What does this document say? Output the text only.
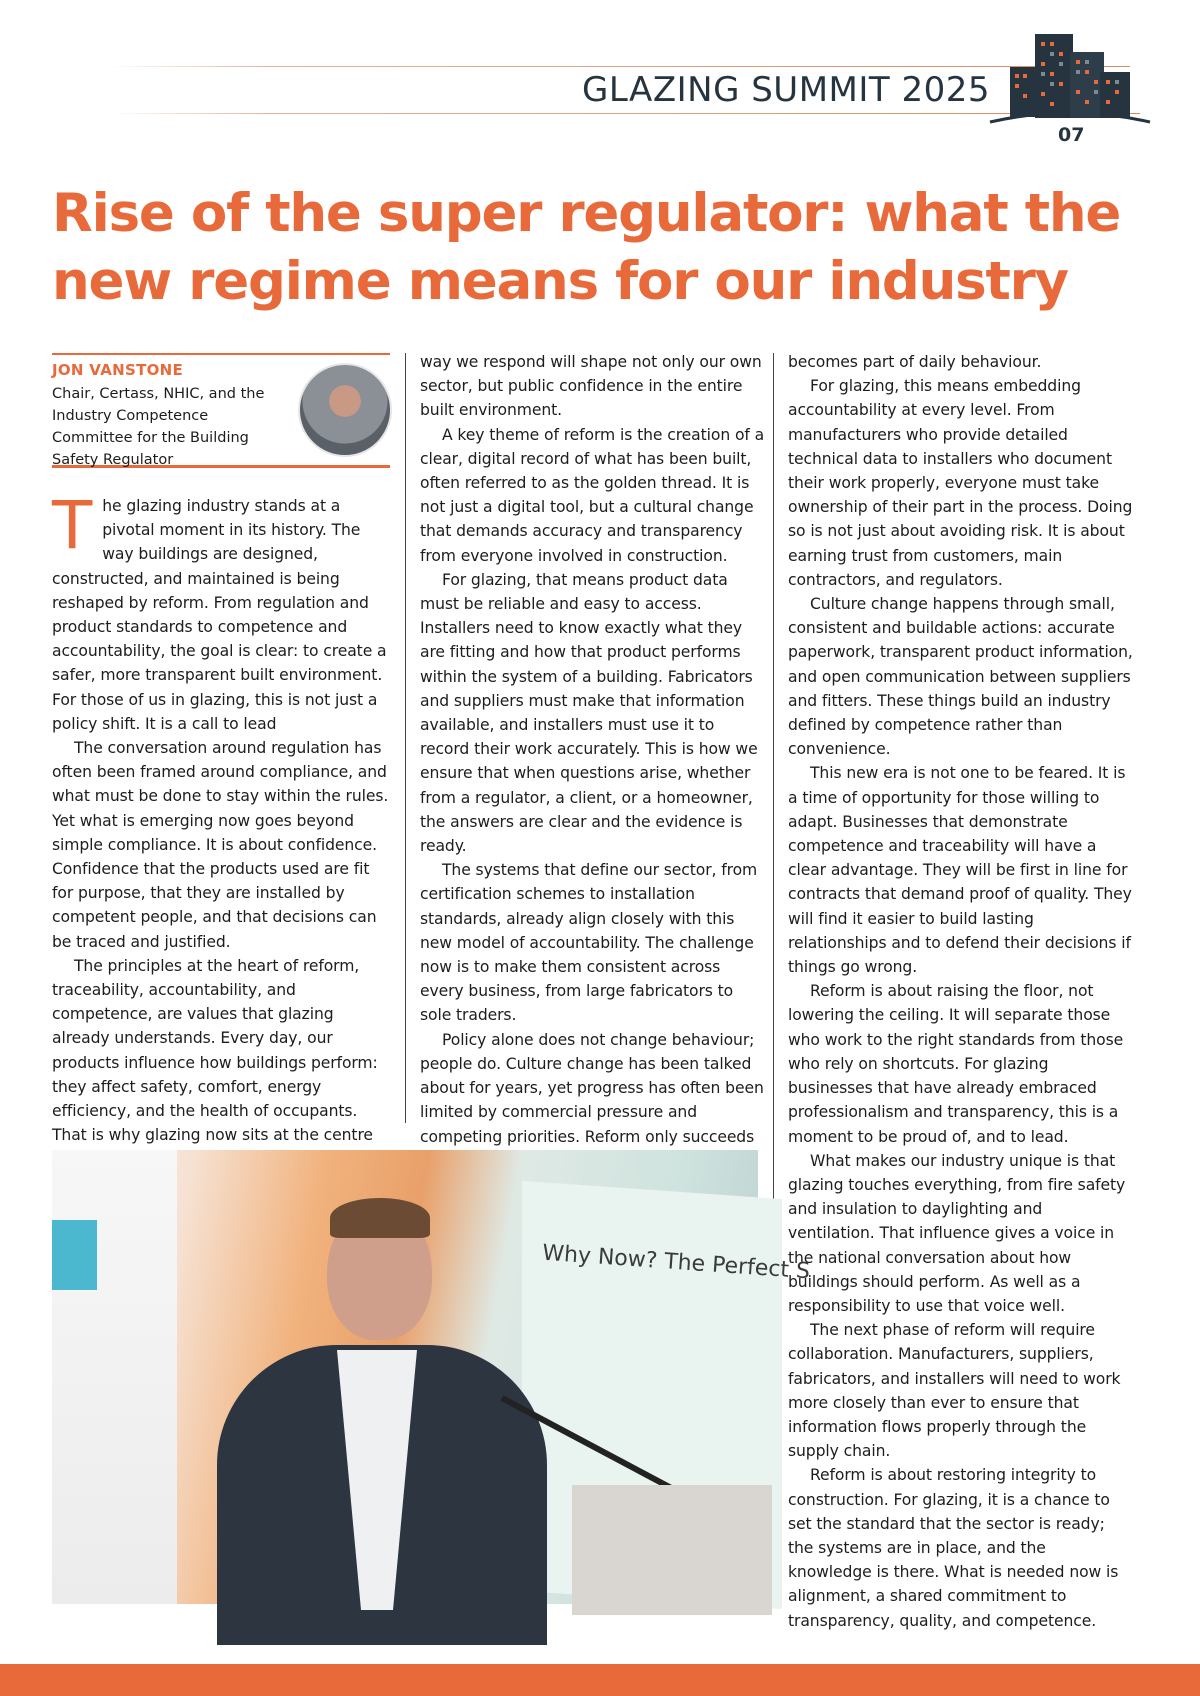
GLAZING SUMMIT 2025
07
Rise of the super regulator: what the new regime means for our industry
JON VANSTONE
Chair, Certass, NHIC, and the Industry Competence Committee for the Building Safety Regulator

The glazing industry stands at a pivotal moment in its history. The way buildings are designed, constructed, and maintained is being reshaped by reform. From regulation and product standards to competence and accountability, the goal is clear: to create a safer, more transparent built environment. For those of us in glazing, this is not just a policy shift. It is a call to lead

The conversation around regulation has often been framed around compliance, and what must be done to stay within the rules. Yet what is emerging now goes beyond simple compliance. It is about confidence. Confidence that the products used are fit for purpose, that they are installed by competent people, and that decisions can be traced and justified.

The principles at the heart of reform, traceability, accountability, and competence, are values that glazing already understands. Every day, our products influence how buildings perform: they affect safety, comfort, energy efficiency, and the health of occupants. That is why glazing now sits at the centre

way we respond will shape not only our own sector, but public confidence in the entire built environment.

A key theme of reform is the creation of a clear, digital record of what has been built, often referred to as the golden thread. It is not just a digital tool, but a cultural change that demands accuracy and transparency from everyone involved in construction.

For glazing, that means product data must be reliable and easy to access. Installers need to know exactly what they are fitting and how that product performs within the system of a building. Fabricators and suppliers must make that information available, and installers must use it to record their work accurately. This is how we ensure that when questions arise, whether from a regulator, a client, or a homeowner, the answers are clear and the evidence is ready.

The systems that define our sector, from certification schemes to installation standards, already align closely with this new model of accountability. The challenge now is to make them consistent across every business, from large fabricators to sole traders.

Policy alone does not change behaviour; people do. Culture change has been talked about for years, yet progress has often been limited by commercial pressure and competing priorities. Reform only succeeds

becomes part of daily behaviour.

For glazing, this means embedding accountability at every level. From manufacturers who provide detailed technical data to installers who document their work properly, everyone must take ownership of their part in the process. Doing so is not just about avoiding risk. It is about earning trust from customers, main contractors, and regulators.

Culture change happens through small, consistent and buildable actions: accurate paperwork, transparent product information, and open communication between suppliers and fitters. These things build an industry defined by competence rather than convenience.

This new era is not one to be feared. It is a time of opportunity for those willing to adapt. Businesses that demonstrate competence and traceability will have a clear advantage. They will be first in line for contracts that demand proof of quality. They will find it easier to build lasting relationships and to defend their decisions if things go wrong.

Reform is about raising the floor, not lowering the ceiling. It will separate those who work to the right standards from those who rely on shortcuts. For glazing businesses that have already embraced professionalism and transparency, this is a moment to be proud of, and to lead.

What makes our industry unique is that glazing touches everything, from fire safety and insulation to daylighting and ventilation. That influence gives a voice in the national conversation about how buildings should perform. As well as a responsibility to use that voice well.

The next phase of reform will require collaboration. Manufacturers, suppliers, fabricators, and installers will need to work more closely than ever to ensure that information flows properly through the supply chain.

Reform is about restoring integrity to construction. For glazing, it is a chance to set the standard that the sector is ready; the systems are in place, and the knowledge is there. What is needed now is alignment, a shared commitment to transparency, quality, and competence.

Why Now? The Perfect S
